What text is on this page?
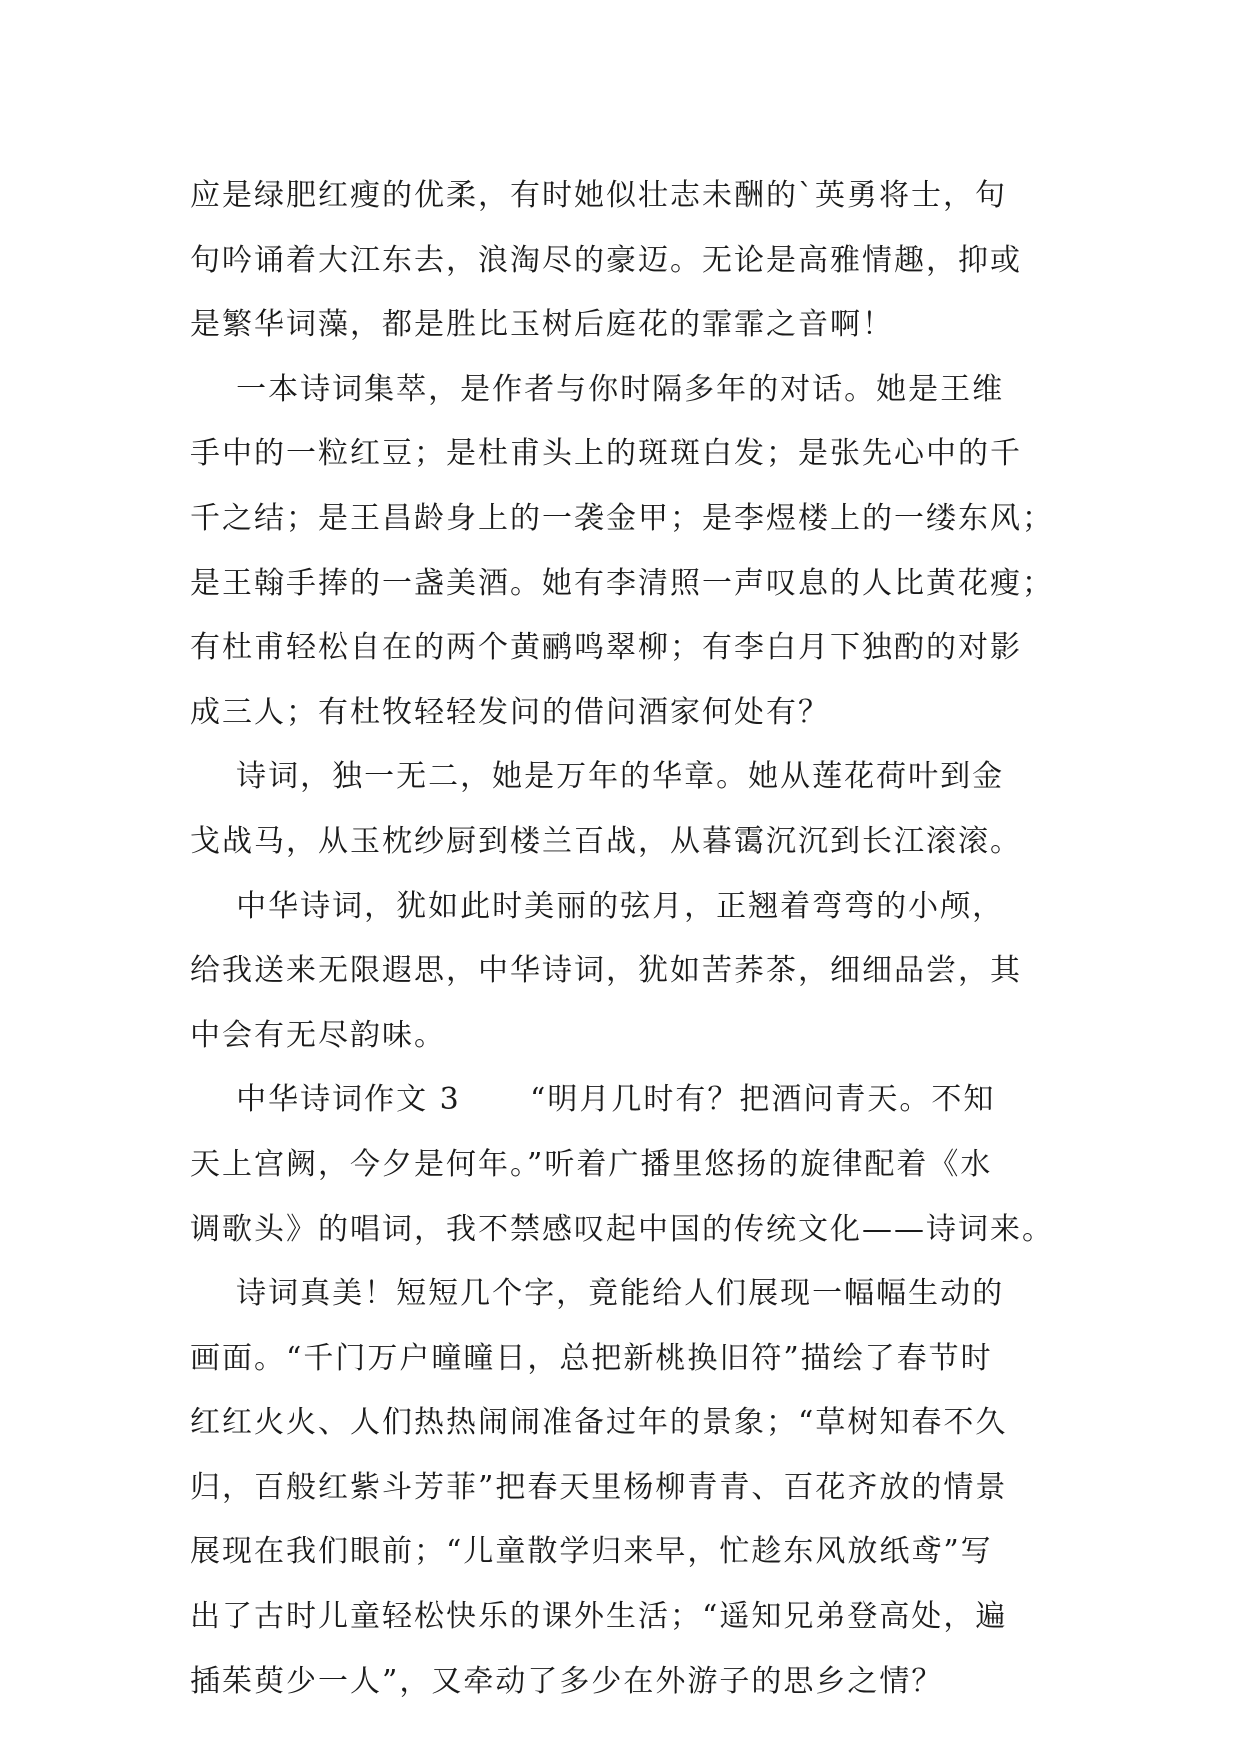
应是绿肥红瘦的优柔，有时她似壮志未酬的`英勇将士，句
句吟诵着大江东去，浪淘尽的豪迈。无论是高雅情趣，抑或
是繁华词藻，都是胜比玉树后庭花的霏霏之音啊！
一本诗词集萃，是作者与你时隔多年的对话。她是王维
手中的一粒红豆；是杜甫头上的斑斑白发；是张先心中的千
千之结；是王昌龄身上的一袭金甲；是李煜楼上的一缕东风；
是王翰手捧的一盏美酒。她有李清照一声叹息的人比黄花瘦；
有杜甫轻松自在的两个黄鹂鸣翠柳；有李白月下独酌的对影
成三人；有杜牧轻轻发问的借问酒家何处有？
诗词，独一无二，她是万年的华章。她从莲花荷叶到金
戈战马，从玉枕纱厨到楼兰百战，从暮霭沉沉到长江滚滚。
中华诗词，犹如此时美丽的弦月，正翘着弯弯的小颅，
给我送来无限遐思，中华诗词，犹如苦荞茶，细细品尝，其
中会有无尽韵味。
中华诗词作文 3      “明月几时有？把酒问青天。不知
天上宫阙，今夕是何年。”听着广播里悠扬的旋律配着《水
调歌头》的唱词，我不禁感叹起中国的传统文化——诗词来。
诗词真美！短短几个字，竟能给人们展现一幅幅生动的
画面。“千门万户曈曈日，总把新桃换旧符”描绘了春节时
红红火火、人们热热闹闹准备过年的景象；“草树知春不久
归，百般红紫斗芳菲”把春天里杨柳青青、百花齐放的情景
展现在我们眼前；“儿童散学归来早，忙趁东风放纸鸢”写
出了古时儿童轻松快乐的课外生活；“遥知兄弟登高处，遍
插茱萸少一人”，又牵动了多少在外游子的思乡之情？
